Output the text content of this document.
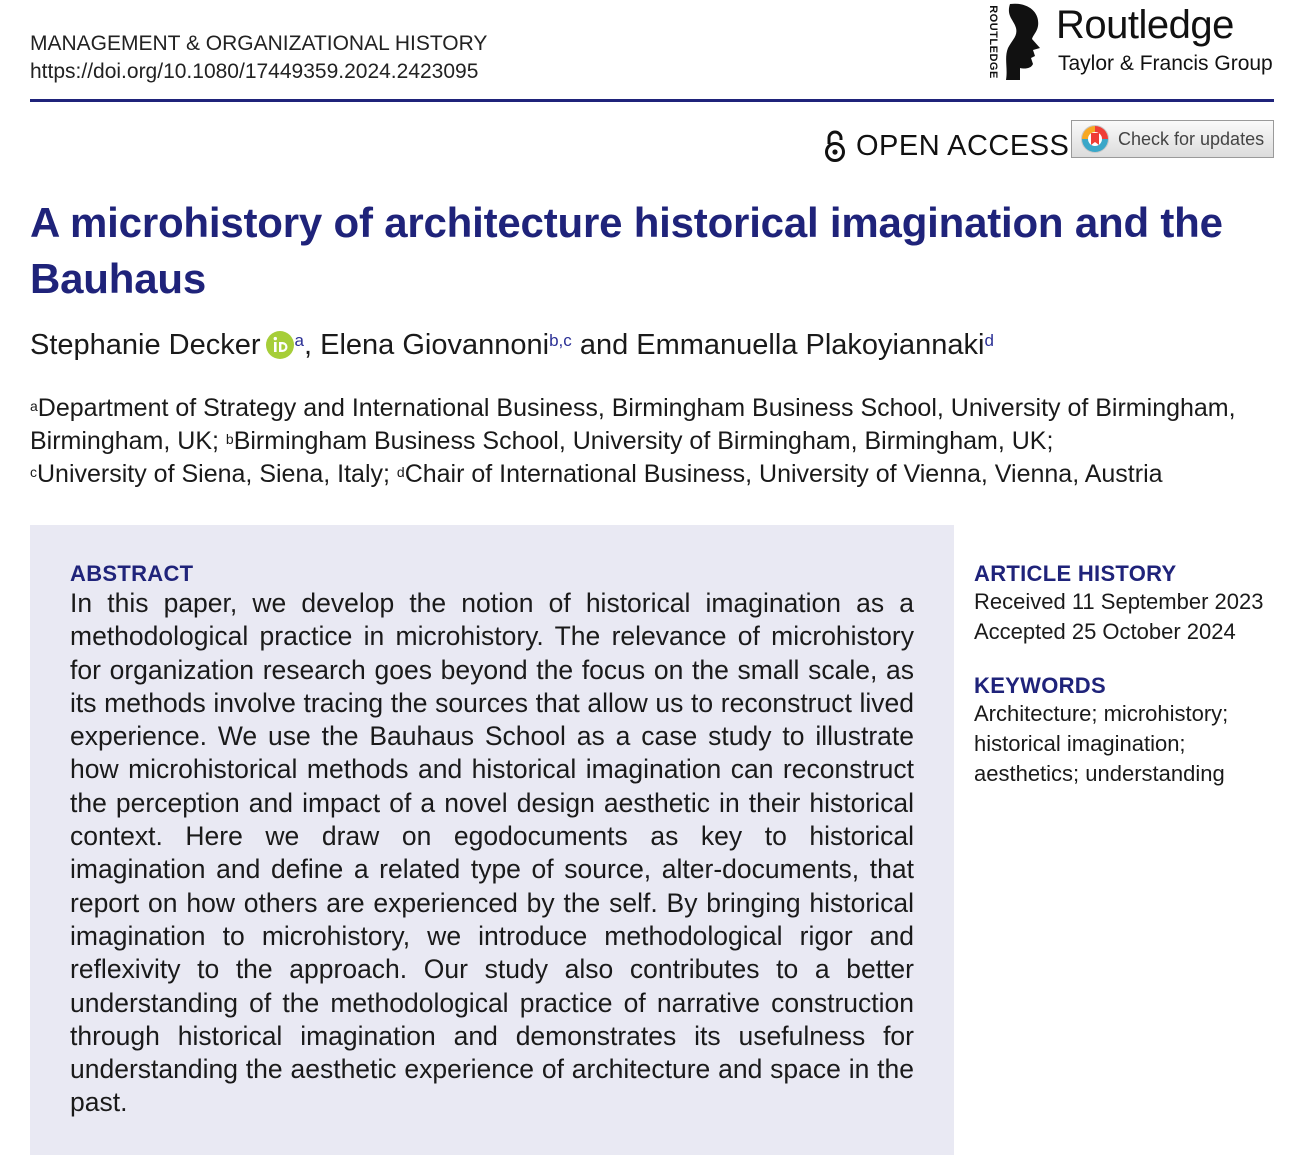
MANAGEMENT & ORGANIZATIONAL HISTORY
https://doi.org/10.1080/17449359.2024.2423095	ROUTLEDGE Routledge
Taylor & Francis Group
OPEN ACCESS	Check for updates
A microhistory of architecture historical imagination and the Bauhaus
Stephanie Decker $^a$, Elena Giovannoni$^{b,c}$ and Emmanuella Plakoyiannaki$^d$
$^a$Department of Strategy and International Business, Birmingham Business School, University of Birmingham, Birmingham, UK; $^b$Birmingham Business School, University of Birmingham, Birmingham, UK;
$^c$University of Siena, Siena, Italy; $^d$Chair of International Business, University of Vienna, Vienna, Austria
ABSTRACT

In this paper, we develop the notion of historical imagination as a methodological practice in microhistory. The relevance of microhistory for organization research goes beyond the focus on the small scale, as its methods involve tracing the sources that allow us to reconstruct lived experience. We use the Bauhaus School as a case study to illustrate how microhistorical methods and historical imagination can reconstruct the perception and impact of a novel design aesthetic in their historical context. Here we draw on egodocuments as key to historical imagination and define a related type of source, alter-documents, that report on how others are experienced by the self. By bringing historical imagination to microhistory, we introduce methodological rigor and reflexivity to the approach. Our study also contributes to a better understanding of the methodological practice of narrative construction through historical imagination and demonstrates its usefulness for understanding the aesthetic experience of architecture and space in the past.

ARTICLE HISTORY
Received 11 September 2023
Accepted 25 October 2024
KEYWORDS
Architecture; microhistory;
historical imagination;
aesthetics; understanding
